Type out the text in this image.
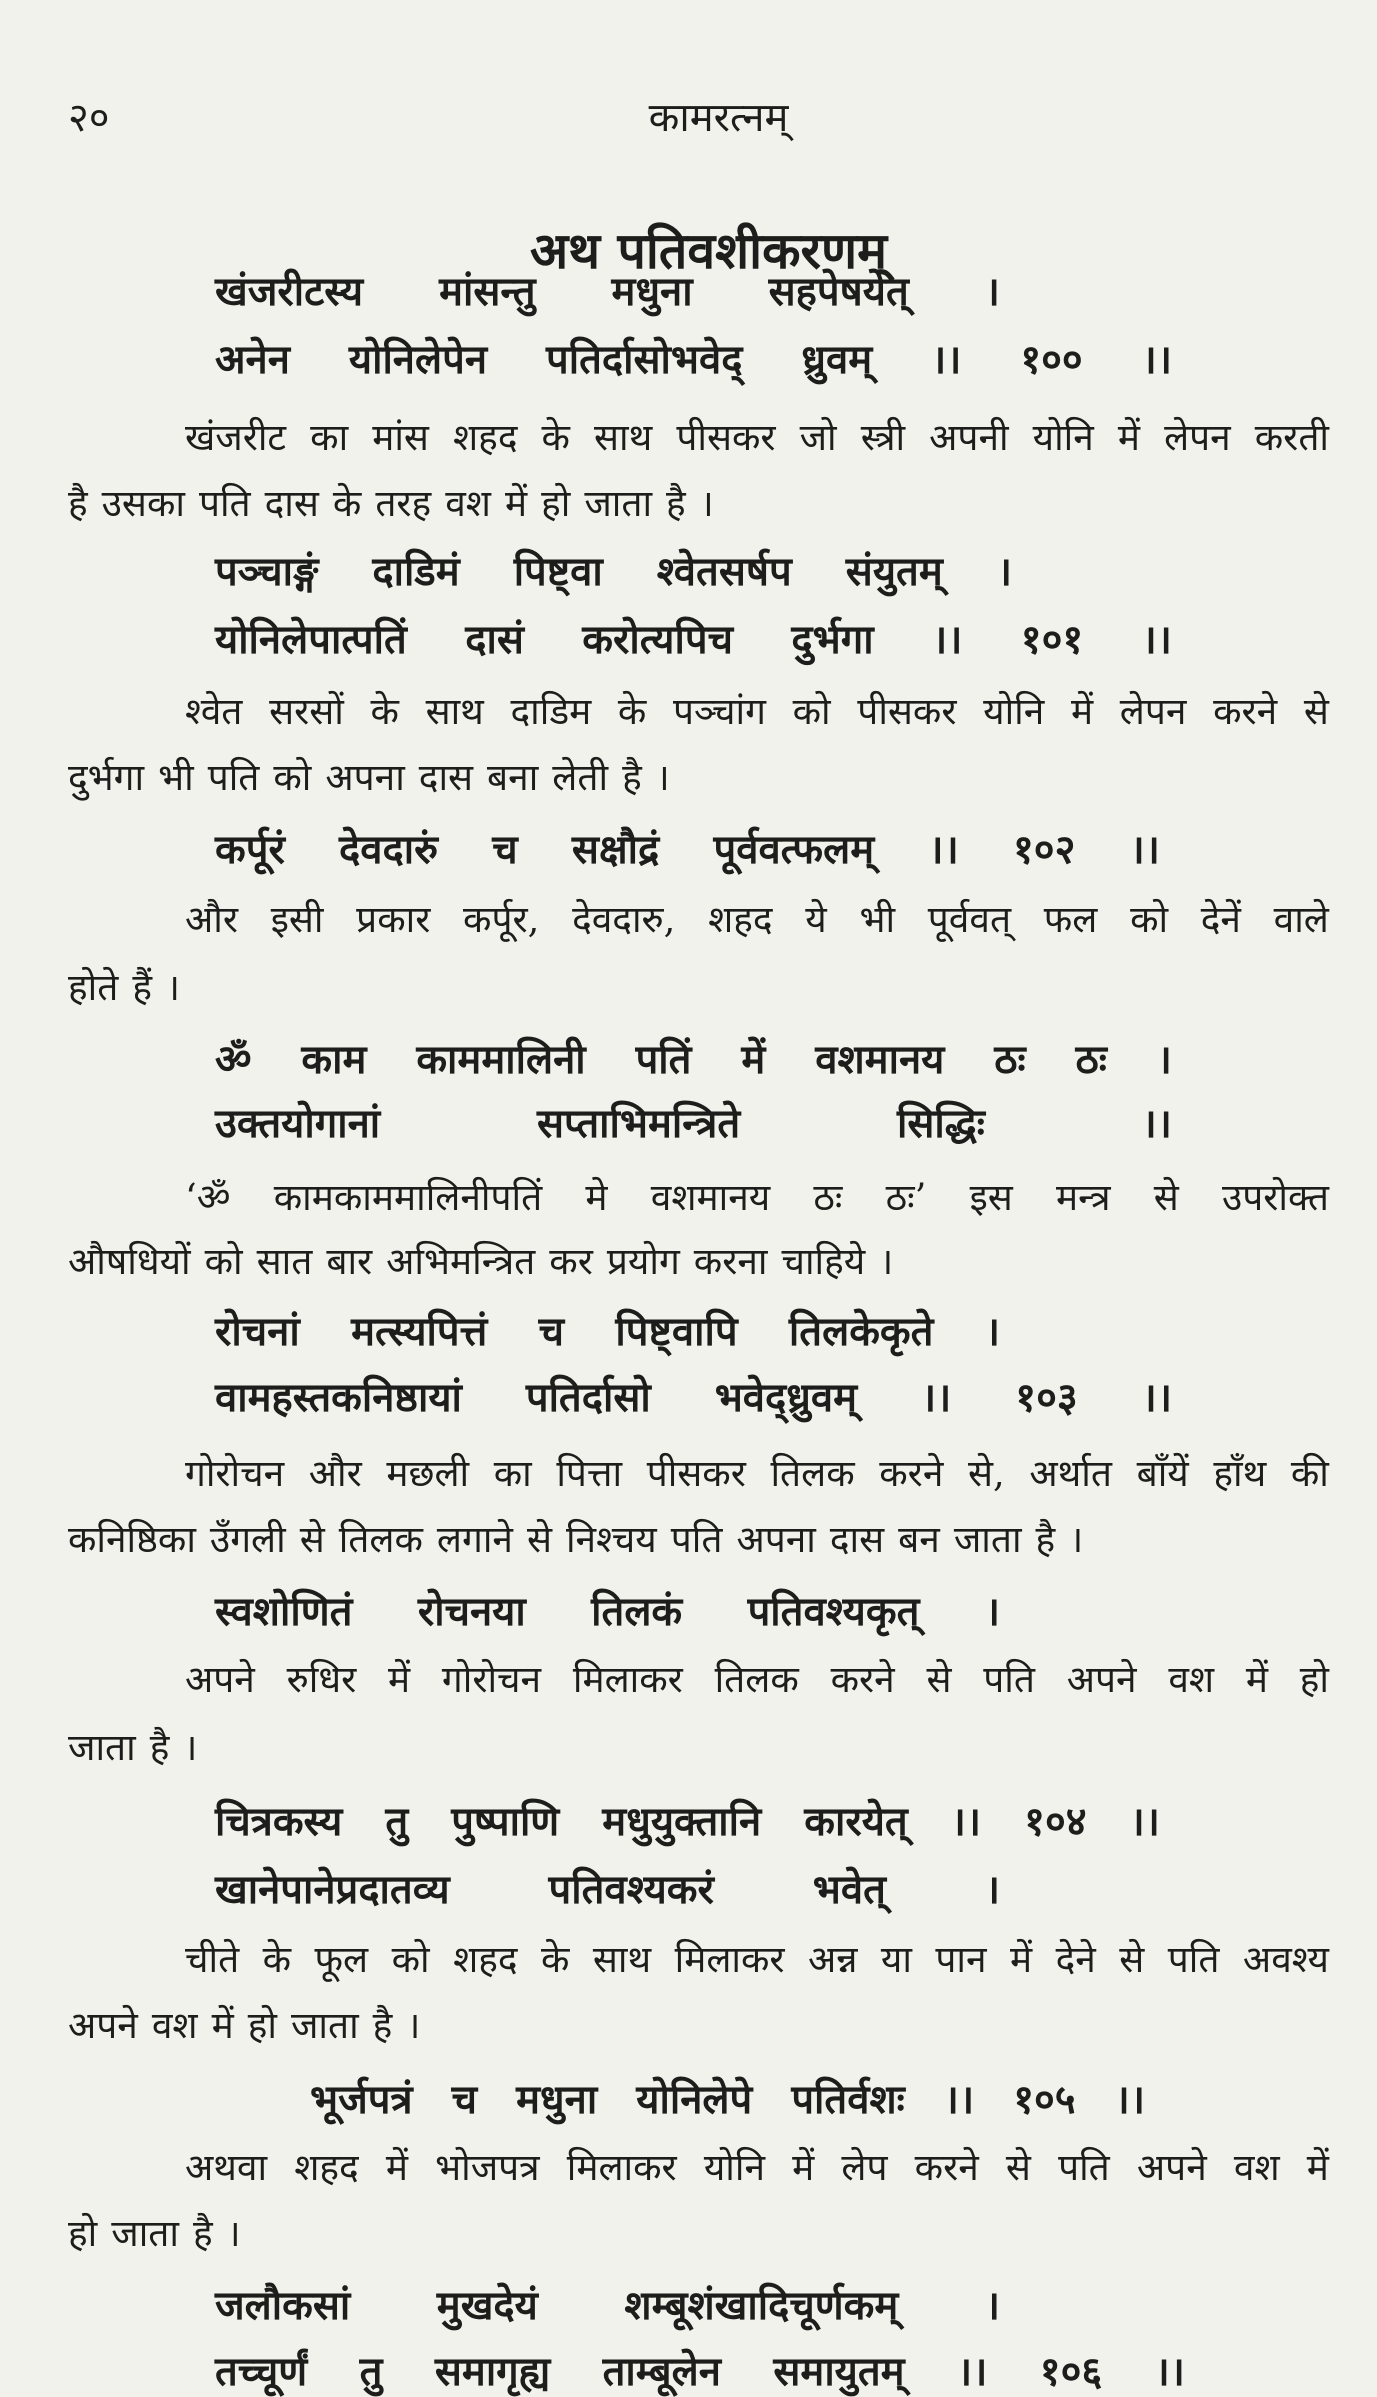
२०	कामरत्नम्
अथ पतिवशीकरणम्
खंजरीटस्य मांसन्तु मधुना सहपेषयेत् ।
अनेन योनिलेपेन पतिर्दासोभवेद् ध्रुवम् ।। १०० ।।
खंजरीट का मांस शहद के साथ पीसकर जो स्त्री अपनी योनि में लेपन करती
है उसका पति दास के तरह वश में हो जाता है ।
पञ्चाङ्गं दाडिमं पिष्ट्वा श्वेतसर्षप संयुतम् ।
योनिलेपात्पतिं दासं करोत्यपिच दुर्भगा ।। १०१ ।।
श्वेत सरसों के साथ दाडिम के पञ्चांग को पीसकर योनि में लेपन करने से
दुर्भगा भी पति को अपना दास बना लेती है ।
कर्पूरं देवदारुं च सक्षौद्रं पूर्ववत्फलम् ।। १०२ ।।
और इसी प्रकार कर्पूर, देवदारु, शहद ये भी पूर्ववत् फल को देनें वाले
होते हैं ।
ॐ काम काममालिनी पतिं में वशमानय ठः ठः ।
उक्तयोगानां	सप्ताभिमन्त्रिते	सिद्धिः	।।
‘ॐ कामकाममालिनीपतिं मे वशमानय ठः ठः’ इस मन्त्र से उपरोक्त
औषधियों को सात बार अभिमन्त्रित कर प्रयोग करना चाहिये ।
रोचनां मत्स्यपित्तं च पिष्ट्वापि तिलकेकृते ।
वामहस्तकनिष्ठायां पतिर्दासो भवेद्ध्रुवम् ।। १०३ ।।
गोरोचन और मछली का पित्ता पीसकर तिलक करने से, अर्थात बाँयें हाँथ की
कनिष्ठिका उँगली से तिलक लगाने से निश्चय पति अपना दास बन जाता है ।
स्वशोणितं रोचनया तिलकं पतिवश्यकृत् ।
अपने रुधिर में गोरोचन मिलाकर तिलक करने से पति अपने वश में हो
जाता है ।
चित्रकस्य तु पुष्पाणि मधुयुक्तानि कारयेत् ।। १०४ ।।
खानेपानेप्रदातव्य पतिवश्यकरं भवेत् ।
चीते के फूल को शहद के साथ मिलाकर अन्न या पान में देने से पति अवश्य
अपने वश में हो जाता है ।
भूर्जपत्रं च मधुना योनिलेपे पतिर्वशः ।। १०५ ।।
अथवा शहद में भोजपत्र मिलाकर योनि में लेप करने से पति अपने वश में
हो जाता है ।
जलौकसां मुखदेयं शम्बूशंखादिचूर्णकम् ।
तच्चूर्णं तु समागृह्य ताम्बूलेन समायुतम् ।। १०६ ।।
